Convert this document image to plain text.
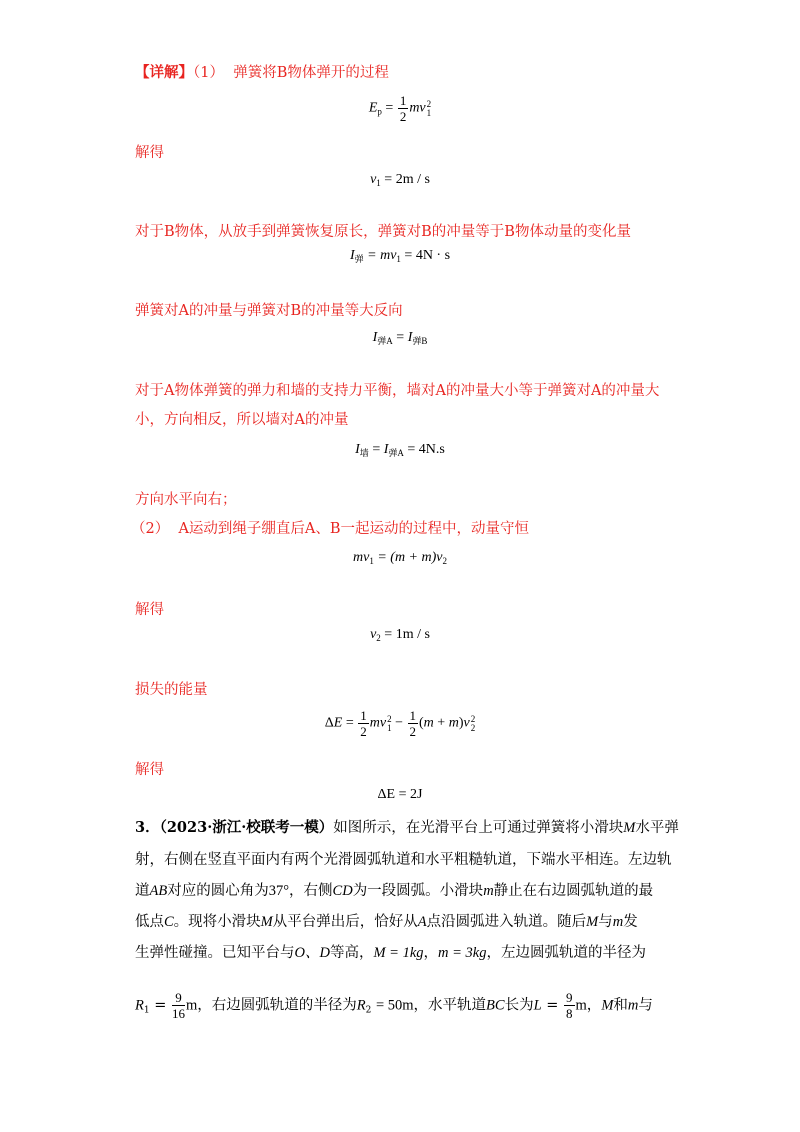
【详解】（1） 弹簧将B物体弹开的过程
$E_p = \frac{1}{2}$ mv 2
1
解得
$v_1 = 2m / s$
对于B物体，从放手到弹簧恢复原长，弹簧对B的冲量等于B物体动量的变化量
$I_弹 = mv_1 = 4N \cdot s$
弹簧对A的冲量与弹簧对B的冲量等大反向
$I_{弹A} = I_{弹B}$
对于A物体弹簧的弹力和墙的支持力平衡，墙对A的冲量大小等于弹簧对A的冲量大
小，方向相反，所以墙对A的冲量
$I_墙 = I_{弹A} = 4N.s$
方向水平向右；
（2） A运动到绳子绷直后A、B一起运动的过程中，动量守恒
$mv_1 = (m + m)v_2$
解得
$v_2 = 1m / s$
损失的能量
$\Delta E = \frac{1}{2}$ mv 2
$1 - \frac{1}{2} (m + m)v$ 2
2
解得
ΔE = 2J
3．（2023·浙江·校联考一模）如图所示，在光滑平台上可通过弹簧将小滑块M水平弹
射，右侧在竖直平面内有两个光滑圆弧轨道和水平粗糙轨道，下端水平相连。左边轨
道AB对应的圆心角为37°，右侧CD为一段圆弧。小滑块m静止在右边圆弧轨道的最
低点C。现将小滑块M从平台弹出后，恰好从A点沿圆弧进入轨道。随后M与m发
生弹性碰撞。已知平台与O、D等高，M = 1kg，m = 3kg，左边圆弧轨道的半径为
$R_1 = \frac{9}{16}$ m，右边圆弧轨道的半径为$R_2 = 50m$，水平轨道BC长为$L = \frac{9}{8}$ m，M和m与
